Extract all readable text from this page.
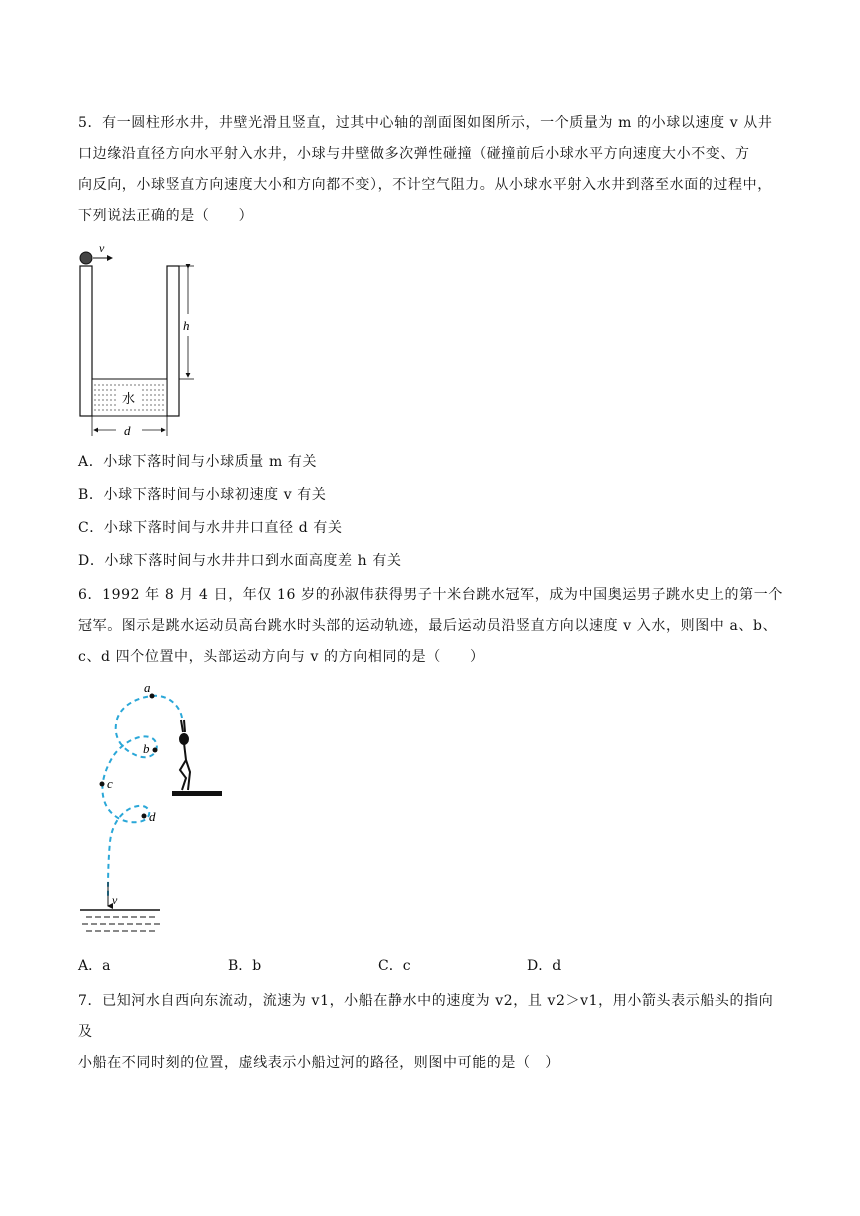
5．有一圆柱形水井，井壁光滑且竖直，过其中心轴的剖面图如图所示，一个质量为 m 的小球以速度 v 从井
口边缘沿直径方向水平射入水井，小球与井壁做多次弹性碰撞（碰撞前后小球水平方向速度大小不变、方
向反向，小球竖直方向速度大小和方向都不变），不计空气阻力。从小球水平射入水井到落至水面的过程中，
下列说法正确的是（　　）
v
水
h
d
A．小球下落时间与小球质量 m 有关
B．小球下落时间与小球初速度 v 有关
C．小球下落时间与水井井口直径 d 有关
D．小球下落时间与水井井口到水面高度差 h 有关
6．1992 年 8 月 4 日，年仅 16 岁的孙淑伟获得男子十米台跳水冠军，成为中国奥运男子跳水史上的第一个
冠军。图示是跳水运动员高台跳水时头部的运动轨迹，最后运动员沿竖直方向以速度 v 入水，则图中 a、b、
c、d 四个位置中，头部运动方向与 v 的方向相同的是（　　）
v
a
b
c
d
A．a	B．b	C．c	D．d
7．已知河水自西向东流动，流速为 v1，小船在静水中的速度为 v2，且 v2＞v1，用小箭头表示船头的指向及
小船在不同时刻的位置，虚线表示小船过河的路径，则图中可能的是（　）
